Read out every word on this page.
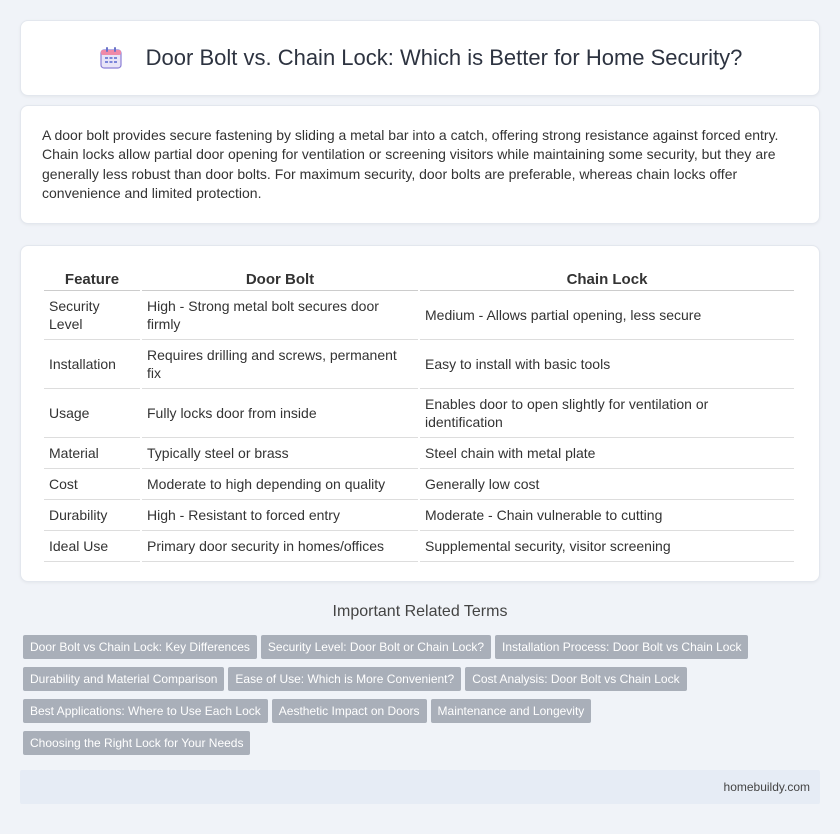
Door Bolt vs. Chain Lock: Which is Better for Home Security?

A door bolt provides secure fastening by sliding a metal bar into a catch, offering strong resistance against forced entry. Chain locks allow partial door opening for ventilation or screening visitors while maintaining some security, but they are generally less robust than door bolts. For maximum security, door bolts are preferable, whereas chain locks offer convenience and limited protection.

Feature	Door Bolt	Chain Lock
Security Level	High - Strong metal bolt secures door firmly	Medium - Allows partial opening, less secure
Installation	Requires drilling and screws, permanent fix	Easy to install with basic tools
Usage	Fully locks door from inside	Enables door to open slightly for ventilation or identification
Material	Typically steel or brass	Steel chain with metal plate
Cost	Moderate to high depending on quality	Generally low cost
Durability	High - Resistant to forced entry	Moderate - Chain vulnerable to cutting
Ideal Use	Primary door security in homes/offices	Supplemental security, visitor screening
Important Related Terms
Door Bolt vs Chain Lock: Key Differences Security Level: Door Bolt or Chain Lock? Installation Process: Door Bolt vs Chain Lock
Durability and Material Comparison Ease of Use: Which is More Convenient? Cost Analysis: Door Bolt vs Chain Lock
Best Applications: Where to Use Each Lock Aesthetic Impact on Doors Maintenance and Longevity
Choosing the Right Lock for Your Needs
homebuildy.com
